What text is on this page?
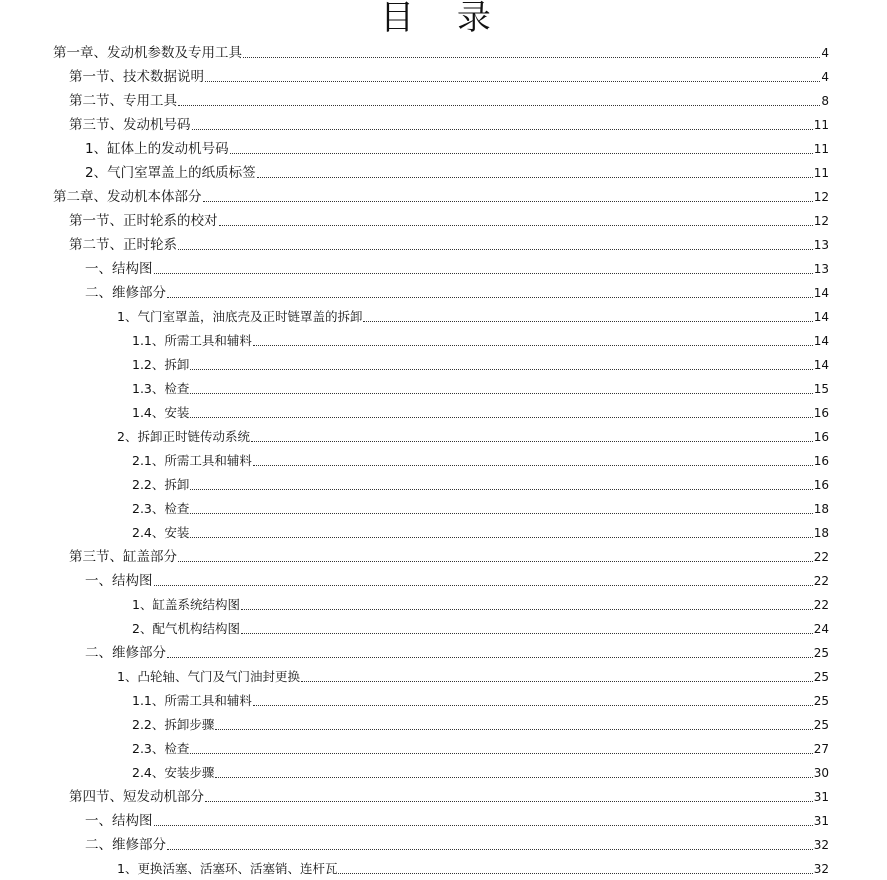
目 录
第一章、发动机参数及专用工具	4
第一节、技术数据说明	4
第二节、专用工具	8
第三节、发动机号码	11
1、缸体上的发动机号码	11
2、气门室罩盖上的纸质标签	11
第二章、发动机本体部分	12
第一节、正时轮系的校对	12
第二节、正时轮系	13
一、结构图	13
二、维修部分	14
1、气门室罩盖，油底壳及正时链罩盖的拆卸	14
1.1、所需工具和辅料	14
1.2、拆卸	14
1.3、检查	15
1.4、安装	16
2、拆卸正时链传动系统	16
2.1、所需工具和辅料	16
2.2、拆卸	16
2.3、检查	18
2.4、安装	18
第三节、缸盖部分	22
一、结构图	22
1、缸盖系统结构图	22
2、配气机构结构图	24
二、维修部分	25
1、凸轮轴、气门及气门油封更换	25
1.1、所需工具和辅料	25
2.2、拆卸步骤	25
2.3、检查	27
2.4、安装步骤	30
第四节、短发动机部分	31
一、结构图	31
二、维修部分	32
1、更换活塞、活塞环、活塞销、连杆瓦	32
